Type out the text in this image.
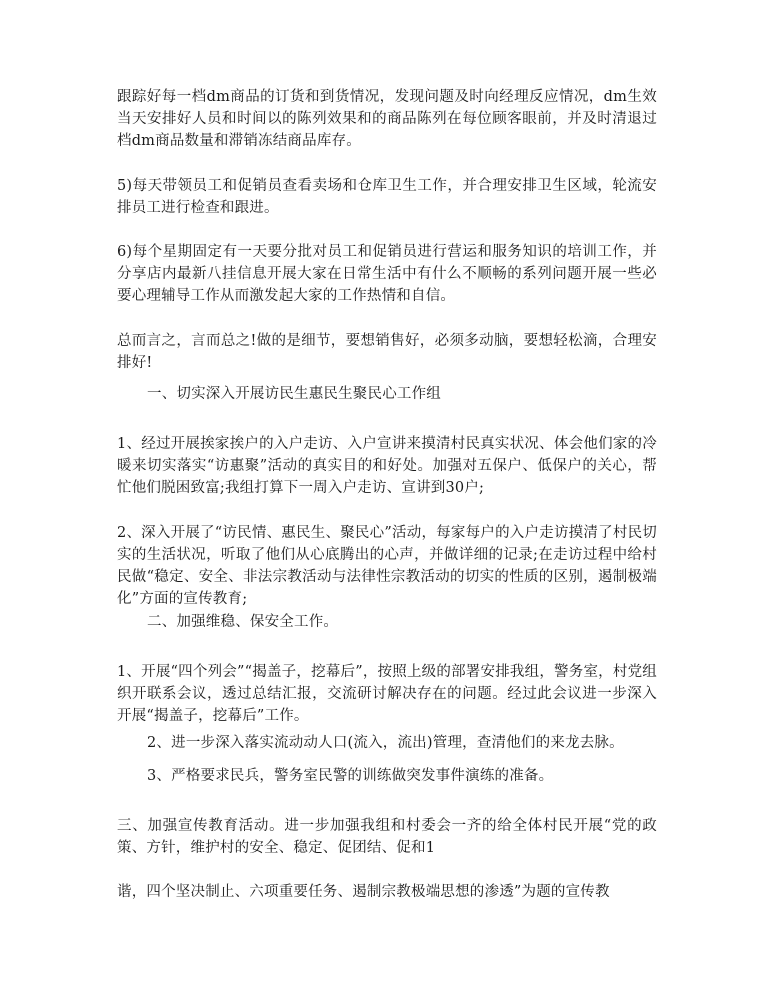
跟踪好每一档dm商品的订货和到货情况，发现问题及时向经理反应情况，dm生效当天安排好人员和时间以的陈列效果和的商品陈列在每位顾客眼前，并及时清退过档dm商品数量和滞销冻结商品库存。

5)每天带领员工和促销员查看卖场和仓库卫生工作，并合理安排卫生区域，轮流安排员工进行检查和跟进。

6)每个星期固定有一天要分批对员工和促销员进行营运和服务知识的培训工作，并分享店内最新八挂信息开展大家在日常生活中有什么不顺畅的系列问题开展一些必要心理辅导工作从而激发起大家的工作热情和自信。

总而言之，言而总之!做的是细节，要想销售好，必须多动脑，要想轻松滴，合理安排好!

一、切实深入开展访民生惠民生聚民心工作组

1、经过开展挨家挨户的入户走访、入户宣讲来摸清村民真实状况、体会他们家的冷暖来切实落实“访惠聚”活动的真实目的和好处。加强对五保户、低保户的关心，帮忙他们脱困致富;我组打算下一周入户走访、宣讲到30户;

2、深入开展了“访民情、惠民生、聚民心”活动，每家每户的入户走访摸清了村民切实的生活状况，听取了他们从心底腾出的心声，并做详细的记录;在走访过程中给村民做“稳定、安全、非法宗教活动与法律性宗教活动的切实的性质的区别，遏制极端化”方面的宣传教育;

二、加强维稳、保安全工作。

1、开展“四个列会”“揭盖子，挖幕后”，按照上级的部署安排我组，警务室，村党组织开联系会议，透过总结汇报，交流研讨解决存在的问题。经过此会议进一步深入开展“揭盖子，挖幕后”工作。

2、进一步深入落实流动动人口(流入，流出)管理，查清他们的来龙去脉。

3、严格要求民兵，警务室民警的训练做突发事件演练的准备。

三、加强宣传教育活动。进一步加强我组和村委会一齐的给全体村民开展“党的政策、方针，维护村的安全、稳定、促团结、促和1

谐，四个坚决制止、六项重要任务、遏制宗教极端思想的渗透”为题的宣传教
